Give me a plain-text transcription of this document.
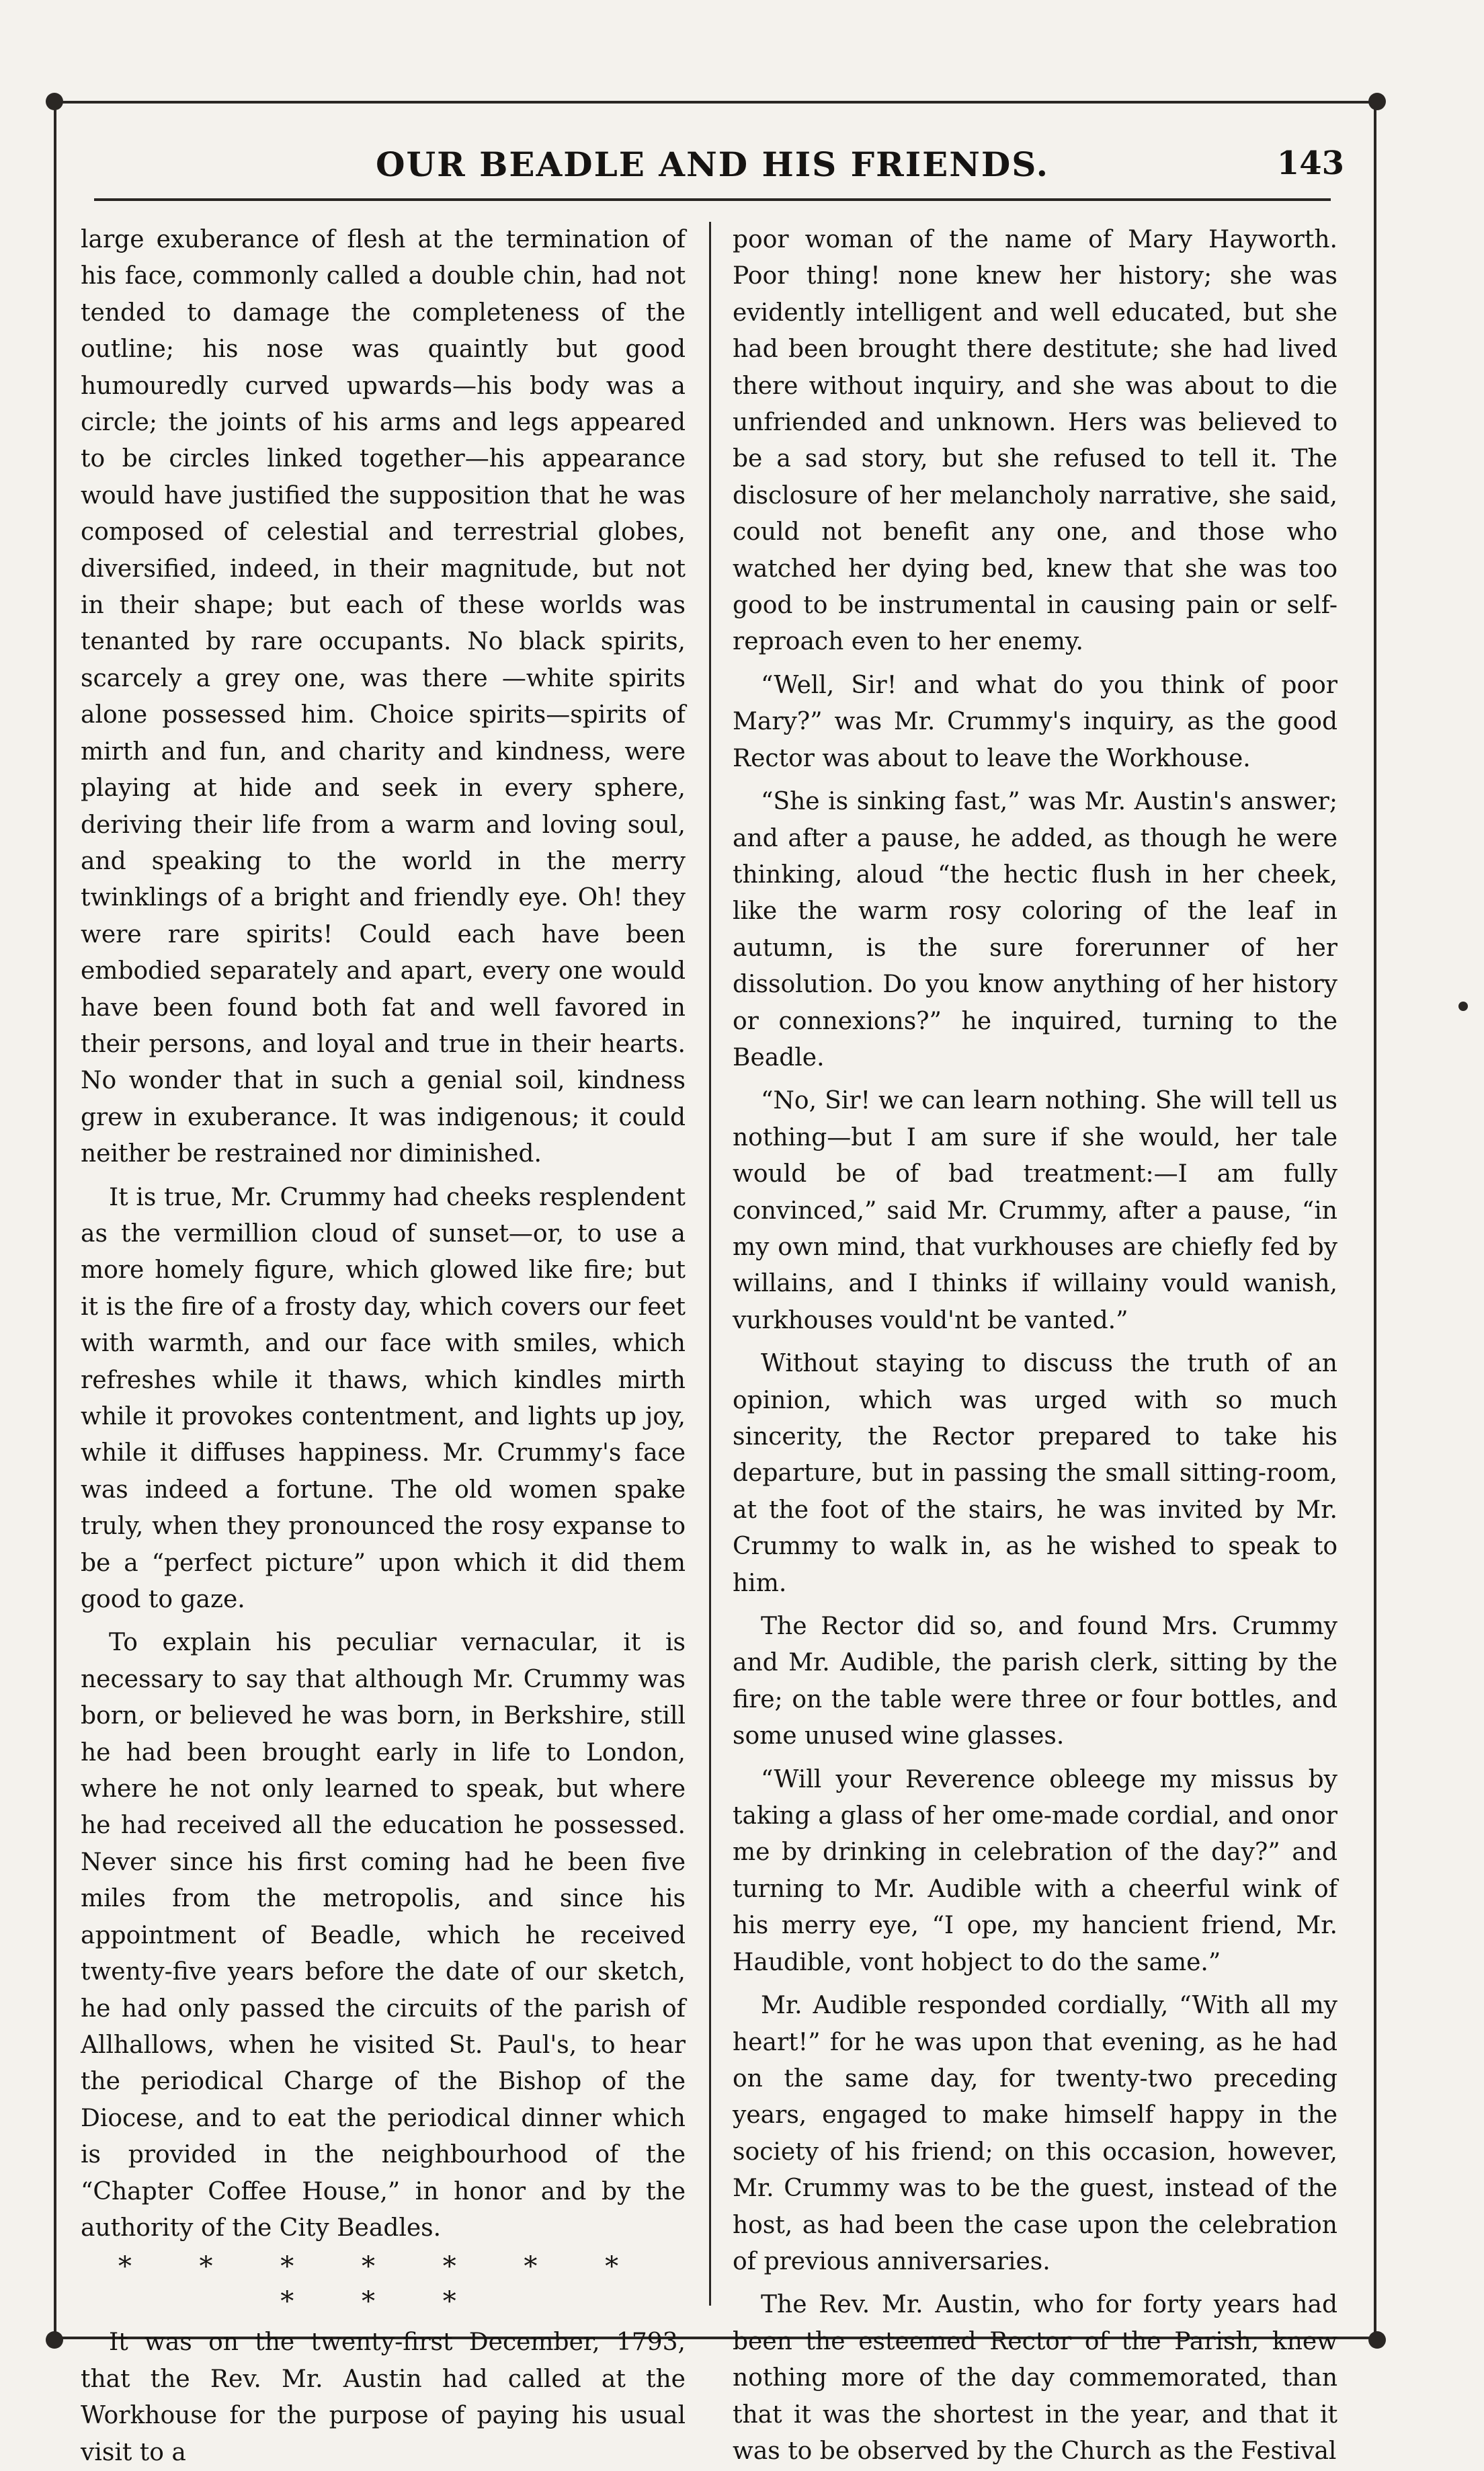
OUR BEADLE AND HIS FRIENDS.	143

large exuberance of flesh at the termination of his face, commonly called a double chin, had not tended to damage the completeness of the outline; his nose was quaintly but good humouredly curved upwards—his body was a circle; the joints of his arms and legs appeared to be circles linked together—his appearance would have justified the supposition that he was composed of celestial and terrestrial globes, diversified, indeed, in their magnitude, but not in their shape; but each of these worlds was tenanted by rare occupants. No black spirits, scarcely a grey one, was there —white spirits alone possessed him. Choice spirits—spirits of mirth and fun, and charity and kindness, were playing at hide and seek in every sphere, deriving their life from a warm and loving soul, and speaking to the world in the merry twinklings of a bright and friendly eye. Oh! they were rare spirits! Could each have been embodied separately and apart, every one would have been found both fat and well favored in their persons, and loyal and true in their hearts. No wonder that in such a genial soil, kindness grew in exuberance. It was indigenous; it could neither be restrained nor diminished.

It is true, Mr. Crummy had cheeks resplendent as the vermillion cloud of sunset—or, to use a more homely figure, which glowed like fire; but it is the fire of a frosty day, which covers our feet with warmth, and our face with smiles, which refreshes while it thaws, which kindles mirth while it provokes contentment, and lights up joy, while it diffuses happiness. Mr. Crummy's face was indeed a fortune. The old women spake truly, when they pronounced the rosy expanse to be a “perfect picture” upon which it did them good to gaze.

To explain his peculiar vernacular, it is necessary to say that although Mr. Crummy was born, or believed he was born, in Berkshire, still he had been brought early in life to London, where he not only learned to speak, but where he had received all the education he possessed. Never since his first coming had he been five miles from the metropolis, and since his appointment of Beadle, which he received twenty-five years before the date of our sketch, he had only passed the circuits of the parish of Allhallows, when he visited St. Paul's, to hear the periodical Charge of the Bishop of the Diocese, and to eat the periodical dinner which is provided in the neighbourhood of the “Chapter Coffee House,” in honor and by the authority of the City Beadles.

* * * * * * * * * *

It was on the twenty-first December, 1793, that the Rev. Mr. Austin had called at the Workhouse for the purpose of paying his usual visit to a

poor woman of the name of Mary Hayworth. Poor thing! none knew her history; she was evidently intelligent and well educated, but she had been brought there destitute; she had lived there without inquiry, and she was about to die unfriended and unknown. Hers was believed to be a sad story, but she refused to tell it. The disclosure of her melancholy narrative, she said, could not benefit any one, and those who watched her dying bed, knew that she was too good to be instrumental in causing pain or self-reproach even to her enemy.

“Well, Sir! and what do you think of poor Mary?” was Mr. Crummy's inquiry, as the good Rector was about to leave the Workhouse.

“She is sinking fast,” was Mr. Austin's answer; and after a pause, he added, as though he were thinking, aloud “the hectic flush in her cheek, like the warm rosy coloring of the leaf in autumn, is the sure forerunner of her dissolution. Do you know anything of her history or connexions?” he inquired, turning to the Beadle.

“No, Sir! we can learn nothing. She will tell us nothing—but I am sure if she would, her tale would be of bad treatment:—I am fully convinced,” said Mr. Crummy, after a pause, “in my own mind, that vurkhouses are chiefly fed by willains, and I thinks if willainy vould wanish, vurkhouses vould'nt be vanted.”

Without staying to discuss the truth of an opinion, which was urged with so much sincerity, the Rector prepared to take his departure, but in passing the small sitting-room, at the foot of the stairs, he was invited by Mr. Crummy to walk in, as he wished to speak to him.

The Rector did so, and found Mrs. Crummy and Mr. Audible, the parish clerk, sitting by the fire; on the table were three or four bottles, and some unused wine glasses.

“Will your Reverence obleege my missus by taking a glass of her ome-made cordial, and onor me by drinking in celebration of the day?” and turning to Mr. Audible with a cheerful wink of his merry eye, “I ope, my hancient friend, Mr. Haudible, vont hobject to do the same.”

Mr. Audible responded cordially, “With all my heart!” for he was upon that evening, as he had on the same day, for twenty-two preceding years, engaged to make himself happy in the society of his friend; on this occasion, however, Mr. Crummy was to be the guest, instead of the host, as had been the case upon the celebration of previous anniversaries.

The Rev. Mr. Austin, who for forty years had been the esteemed Rector of the Parish, knew nothing more of the day commemorated, than that it was the shortest in the year, and that it was to be observed by the Church as the Festival
